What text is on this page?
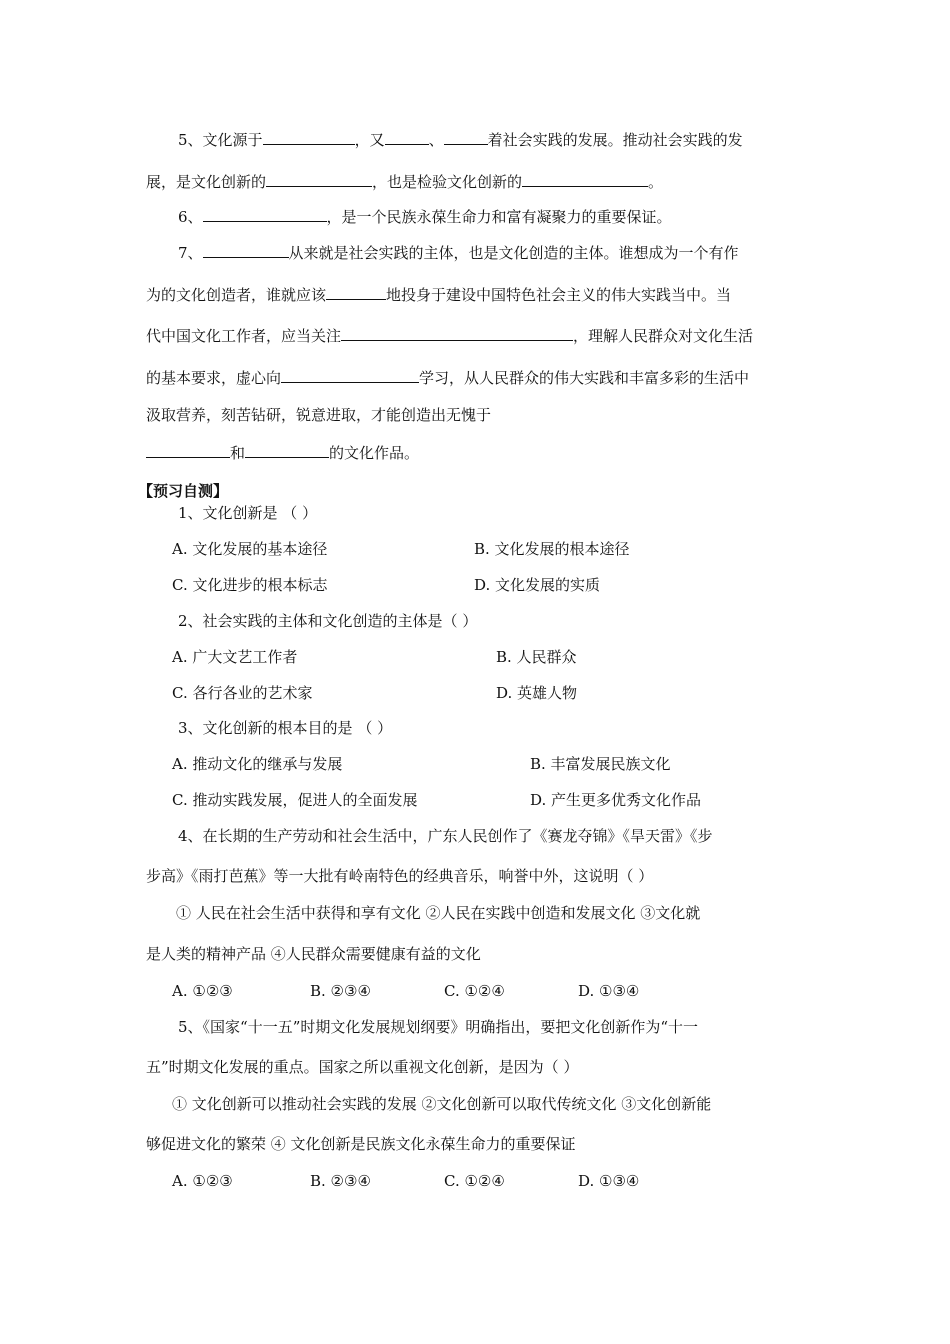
5、文化源于	，又	、	着社会实践的发展。推动社会实践的发
展，是文化创新的	，也是检验文化创新的	。
6、	，是一个民族永葆生命力和富有凝聚力的重要保证。
7、	从来就是社会实践的主体，也是文化创造的主体。谁想成为一个有作
为的文化创造者，谁就应该	地投身于建设中国特色社会主义的伟大实践当中。当
代中国文化工作者，应当关注	，理解人民群众对文化生活
的基本要求，虚心向	学习，从人民群众的伟大实践和丰富多彩的生活中
汲取营养，刻苦钻研，锐意进取，才能创造出无愧于
和	的文化作品。
【预习自测】
1、文化创新是 （ ）
A. 文化发展的基本途径	B. 文化发展的根本途径
C. 文化进步的根本标志	D. 文化发展的实质
2、社会实践的主体和文化创造的主体是（ ）
A. 广大文艺工作者	B. 人民群众
C. 各行各业的艺术家	D. 英雄人物
3、文化创新的根本目的是 （ ）
A. 推动文化的继承与发展	B. 丰富发展民族文化
C. 推动实践发展，促进人的全面发展	D. 产生更多优秀文化作品
4、在长期的生产劳动和社会生活中，广东人民创作了《赛龙夺锦》《旱天雷》《步
步高》《雨打芭蕉》等一大批有岭南特色的经典音乐，响誉中外，这说明（ ）
① 人民在社会生活中获得和享有文化 ②人民在实践中创造和发展文化 ③文化就
是人类的精神产品 ④人民群众需要健康有益的文化
A. ①②③	B. ②③④	C. ①②④	D. ①③④
5、《国家“十一五”时期文化发展规划纲要》明确指出，要把文化创新作为“十一
五”时期文化发展的重点。国家之所以重视文化创新，是因为（ ）
① 文化创新可以推动社会实践的发展 ②文化创新可以取代传统文化 ③文化创新能
够促进文化的繁荣 ④ 文化创新是民族文化永葆生命力的重要保证
A. ①②③	B. ②③④	C. ①②④	D. ①③④
